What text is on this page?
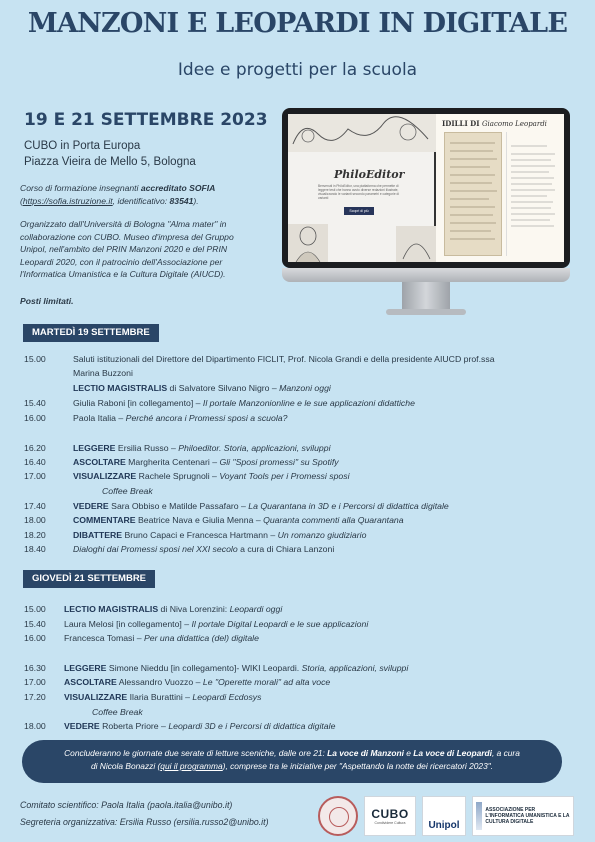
MANZONI E LEOPARDI IN DIGITALE
Idee e progetti per la scuola
19 E 21 SETTEMBRE 2023
CUBO in Porta Europa
Piazza Vieira de Mello 5, Bologna
Corso di formazione insegnanti accreditato SOFIA
(https://sofia.istruzione.it, identificativo: 83541).
Organizzato dall'Università di Bologna "Alma mater" in
collaborazione con CUBO. Museo d'impresa del Gruppo
Unipol, nell'ambito del PRIN Manzoni 2020 e del PRIN
Leopardi 2020, con il patrocinio dell'Associazione per
l'Informatica Umanistica e la Cultura Digitale (AIUCD).
Posti limitati.
PhiloEditor
Benvenuti in PhiloEditor, una piattaforma che permette di leggere testi che hanno avuto diverse redazioni illustrate, visualizzando le varianti secondo parametri e categorie di varianti
Scopri di più
IDILLI DI Giacomo Leopardi
MARTEDÌ 19 SETTEMBRE
15.00	Saluti istituzionali del Direttore del Dipartimento FICLIT, Prof. Nicola Grandi e della presidente AIUCD prof.ssa
Marina Buzzoni
LECTIO MAGISTRALIS di Salvatore Silvano Nigro – Manzoni oggi
15.40	Giulia Raboni [in collegamento] – Il portale Manzonionline e le sue applicazioni didattiche
16.00	Paola Italia – Perché ancora i Promessi sposi a scuola?
16.20	LEGGERE Ersilia Russo – Philoeditor. Storia, applicazioni, sviluppi
16.40	ASCOLTARE Margherita Centenari – Gli "Sposi promessi" su Spotify
17.00	VISUALIZZARE Rachele Sprugnoli – Voyant Tools per i Promessi sposi
Coffee Break
17.40	VEDERE Sara Obbiso e Matilde Passafaro – La Quarantana in 3D e i Percorsi di didattica digitale
18.00	COMMENTARE Beatrice Nava e Giulia Menna – Quaranta commenti alla Quarantana
18.20	DIBATTERE Bruno Capaci e Francesca Hartmann – Un romanzo giudiziario
18.40	Dialoghi dai Promessi sposi nel XXI secolo a cura di Chiara Lanzoni
GIOVEDÌ 21 SETTEMBRE
15.00 LECTIO MAGISTRALIS di Niva Lorenzini: Leopardi oggi
15.40 Laura Melosi [in collegamento] – Il portale Digital Leopardi e le sue applicazioni
16.00 Francesca Tomasi – Per una didattica (del) digitale
16.30 LEGGERE Simone Nieddu [in collegamento]- WIKI Leopardi. Storia, applicazioni, sviluppi
17.00 ASCOLTARE Alessandro Vuozzo – Le "Operette morali" ad alta voce
17.20 VISUALIZZARE Ilaria Burattini – Leopardi Ecdosys
Coffee Break
18.00 VEDERE Roberta Priore – Leopardi 3D e i Percorsi di didattica digitale
Concluderanno le giornate due serate di letture sceniche, dalle ore 21: La voce di Manzoni e La voce di Leopardi, a cura
di Nicola Bonazzi (qui il programma), comprese tra le iniziative per "Aspettando la notte dei ricercatori 2023".
Comitato scientifico: Paola Italia (paola.italia@unibo.it)
Segreteria organizzativa: Ersilia Russo (ersilia.russo2@unibo.it)
CUBO
Condividere Cultura Unipol
ASSOCIAZIONE PER L'INFORMATICA UMANISTICA E LA CULTURA DIGITALE
